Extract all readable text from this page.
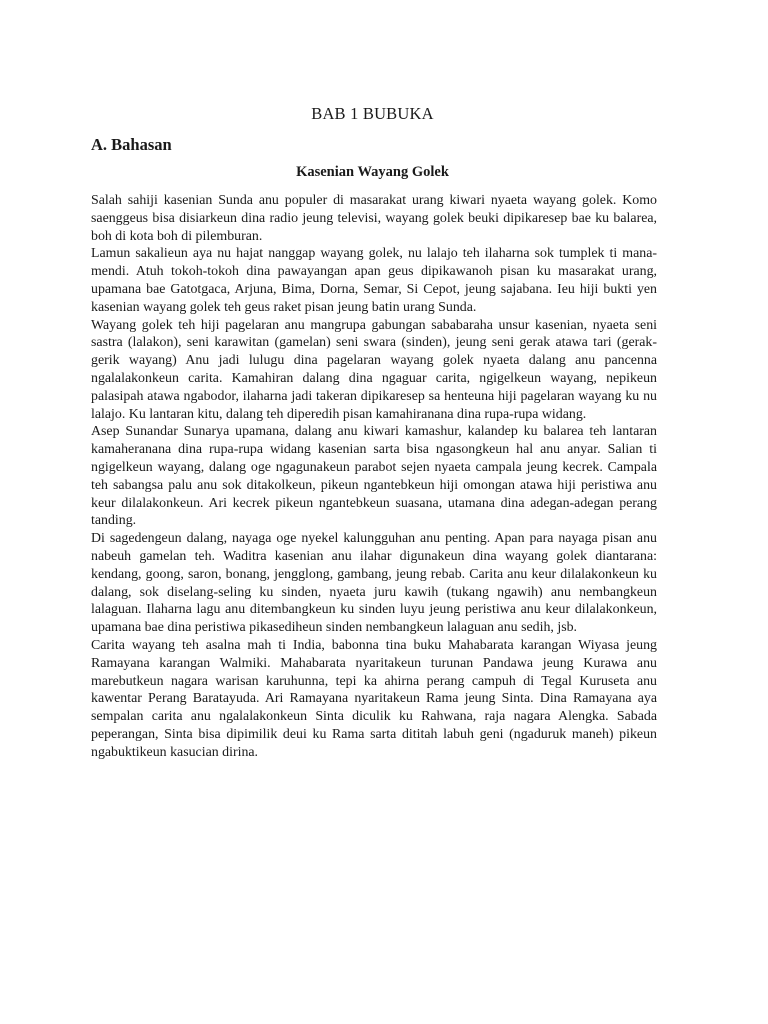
BAB 1 BUBUKA
A. Bahasan
Kasenian Wayang Golek

Salah sahiji kasenian Sunda anu populer di masarakat urang kiwari nyaeta wayang golek. Komo saenggeus bisa disiarkeun dina radio jeung televisi, wayang golek beuki dipikaresep bae ku balarea, boh di kota boh di pilemburan.

Lamun sakalieun aya nu hajat nanggap wayang golek, nu lalajo teh ilaharna sok tumplek ti mana-mendi. Atuh tokoh-tokoh dina pawayangan apan geus dipikawanoh pisan ku masarakat urang, upamana bae Gatotgaca, Arjuna, Bima, Dorna, Semar, Si Cepot, jeung sajabana. Ieu hiji bukti yen kasenian wayang golek teh geus raket pisan jeung batin urang Sunda.

Wayang golek teh hiji pagelaran anu mangrupa gabungan sababaraha unsur kasenian, nyaeta seni sastra (lalakon), seni karawitan (gamelan) seni swara (sinden), jeung seni gerak atawa tari (gerak-gerik wayang) Anu jadi lulugu dina pagelaran wayang golek nyaeta dalang anu pancenna ngalalakonkeun carita. Kamahiran dalang dina ngaguar carita, ngigelkeun wayang, nepikeun palasipah atawa ngabodor, ilaharna jadi takeran dipikaresep sa henteuna hiji pagelaran wayang ku nu lalajo. Ku lantaran kitu, dalang teh diperedih pisan kamahiranana dina rupa-rupa widang.

Asep Sunandar Sunarya upamana, dalang anu kiwari kamashur, kalandep ku balarea teh lantaran kamaheranana dina rupa-rupa widang kasenian sarta bisa ngasongkeun hal anu anyar. Salian ti ngigelkeun wayang, dalang oge ngagunakeun parabot sejen nyaeta campala jeung kecrek. Campala teh sabangsa palu anu sok ditakolkeun, pikeun ngantebkeun hiji omongan atawa hiji peristiwa anu keur dilalakonkeun. Ari kecrek pikeun ngantebkeun suasana, utamana dina adegan-adegan perang tanding.

Di sagedengeun dalang, nayaga oge nyekel kalungguhan anu penting. Apan para nayaga pisan anu nabeuh gamelan teh. Waditra kasenian anu ilahar digunakeun dina wayang golek diantarana: kendang, goong, saron, bonang, jengglong, gambang, jeung rebab. Carita anu keur dilalakonkeun ku dalang, sok diselang-seling ku sinden, nyaeta juru kawih (tukang ngawih) anu nembangkeun lalaguan. Ilaharna lagu anu ditembangkeun ku sinden luyu jeung peristiwa anu keur dilalakonkeun, upamana bae dina peristiwa pikasediheun sinden nembangkeun lalaguan anu sedih, jsb.

Carita wayang teh asalna mah ti India, babonna tina buku Mahabarata karangan Wiyasa jeung Ramayana karangan Walmiki. Mahabarata nyaritakeun turunan Pandawa jeung Kurawa anu marebutkeun nagara warisan karuhunna, tepi ka ahirna perang campuh di Tegal Kuruseta anu kawentar Perang Baratayuda. Ari Ramayana nyaritakeun Rama jeung Sinta. Dina Ramayana aya sempalan carita anu ngalalakonkeun Sinta diculik ku Rahwana, raja nagara Alengka. Sabada peperangan, Sinta bisa dipimilik deui ku Rama sarta dititah labuh geni (ngaduruk maneh) pikeun ngabuktikeun kasucian dirina.
